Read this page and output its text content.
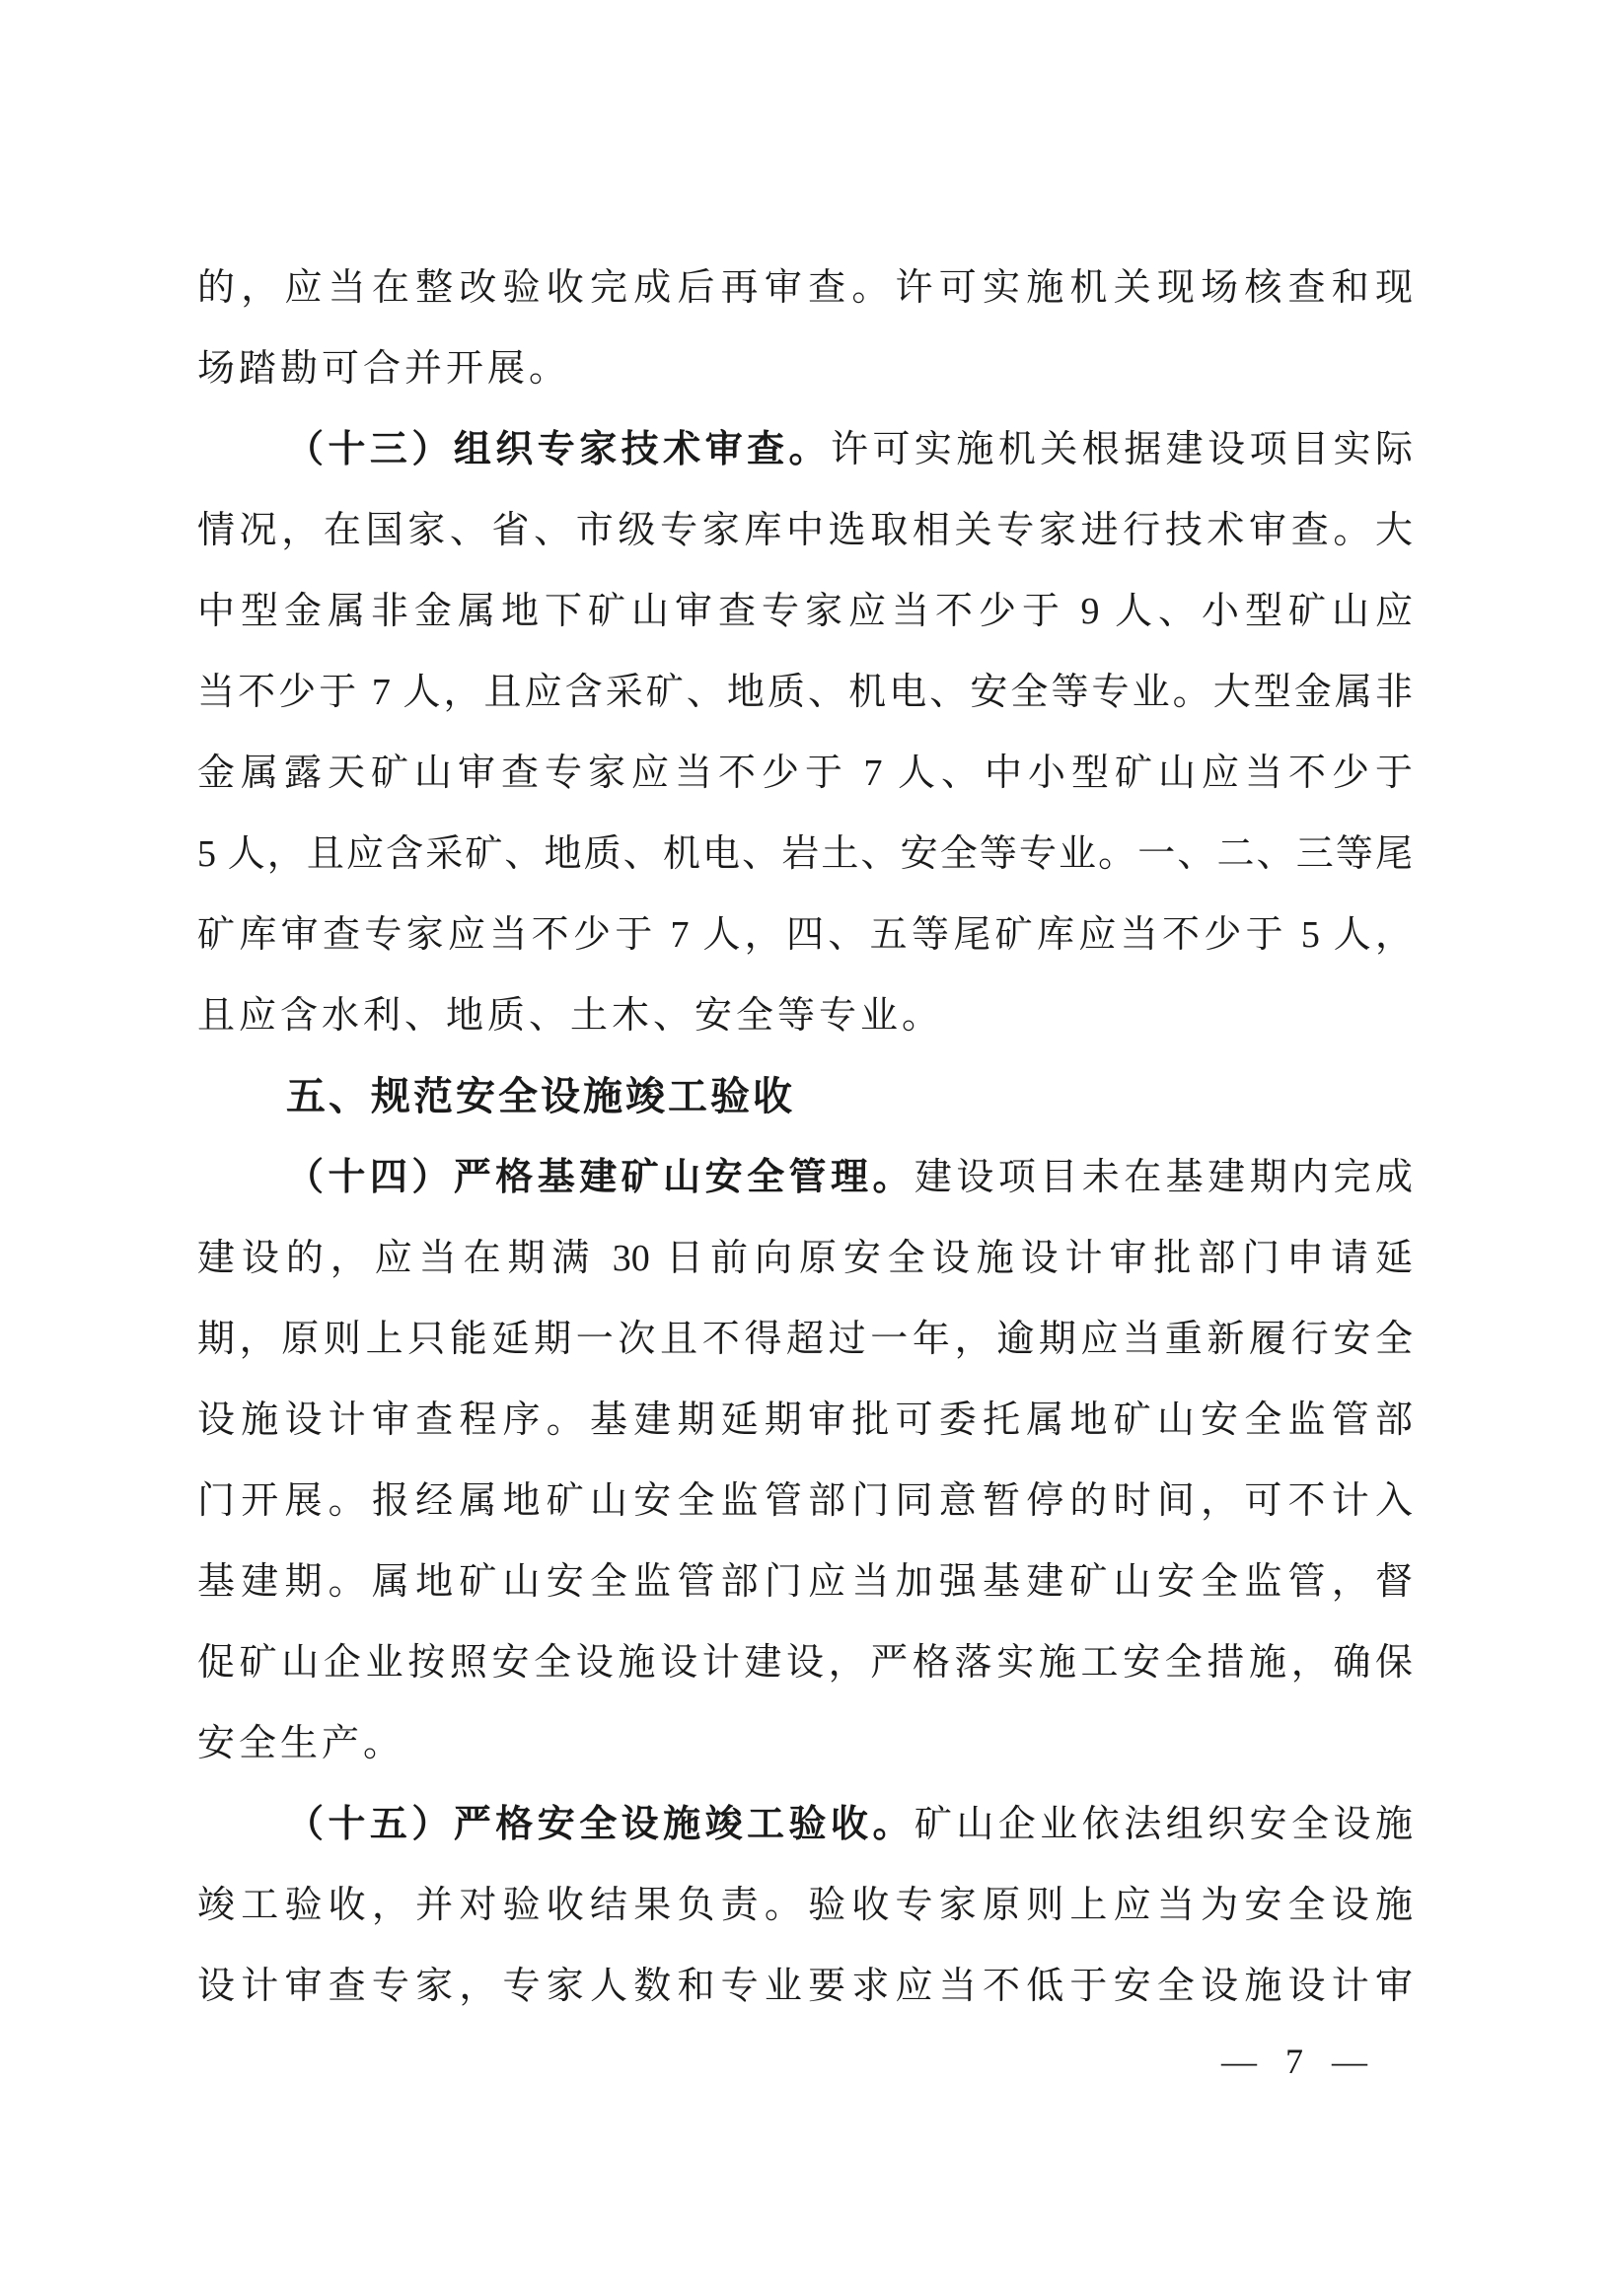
的，应当在整改验收完成后再审查。许可实施机关现场核查和现
场踏勘可合并开展。
（十三）组织专家技术审查。许可实施机关根据建设项目实际
情况，在国家、省、市级专家库中选取相关专家进行技术审查。大
中型金属非金属地下矿山审查专家应当不少于 9 人、小型矿山应
当不少于 7 人，且应含采矿、地质、机电、安全等专业。大型金属非
金属露天矿山审查专家应当不少于 7 人、中小型矿山应当不少于
5 人，且应含采矿、地质、机电、岩土、安全等专业。一、二、三等尾
矿库审查专家应当不少于 7 人，四、五等尾矿库应当不少于 5 人，
且应含水利、地质、土木、安全等专业。
五、规范安全设施竣工验收
（十四）严格基建矿山安全管理。建设项目未在基建期内完成
建设的，应当在期满 30 日前向原安全设施设计审批部门申请延
期，原则上只能延期一次且不得超过一年，逾期应当重新履行安全
设施设计审查程序。基建期延期审批可委托属地矿山安全监管部
门开展。报经属地矿山安全监管部门同意暂停的时间，可不计入
基建期。属地矿山安全监管部门应当加强基建矿山安全监管，督
促矿山企业按照安全设施设计建设，严格落实施工安全措施，确保
安全生产。
（十五）严格安全设施竣工验收。矿山企业依法组织安全设施
竣工验收，并对验收结果负责。验收专家原则上应当为安全设施
设计审查专家，专家人数和专业要求应当不低于安全设施设计审
— 7 —
